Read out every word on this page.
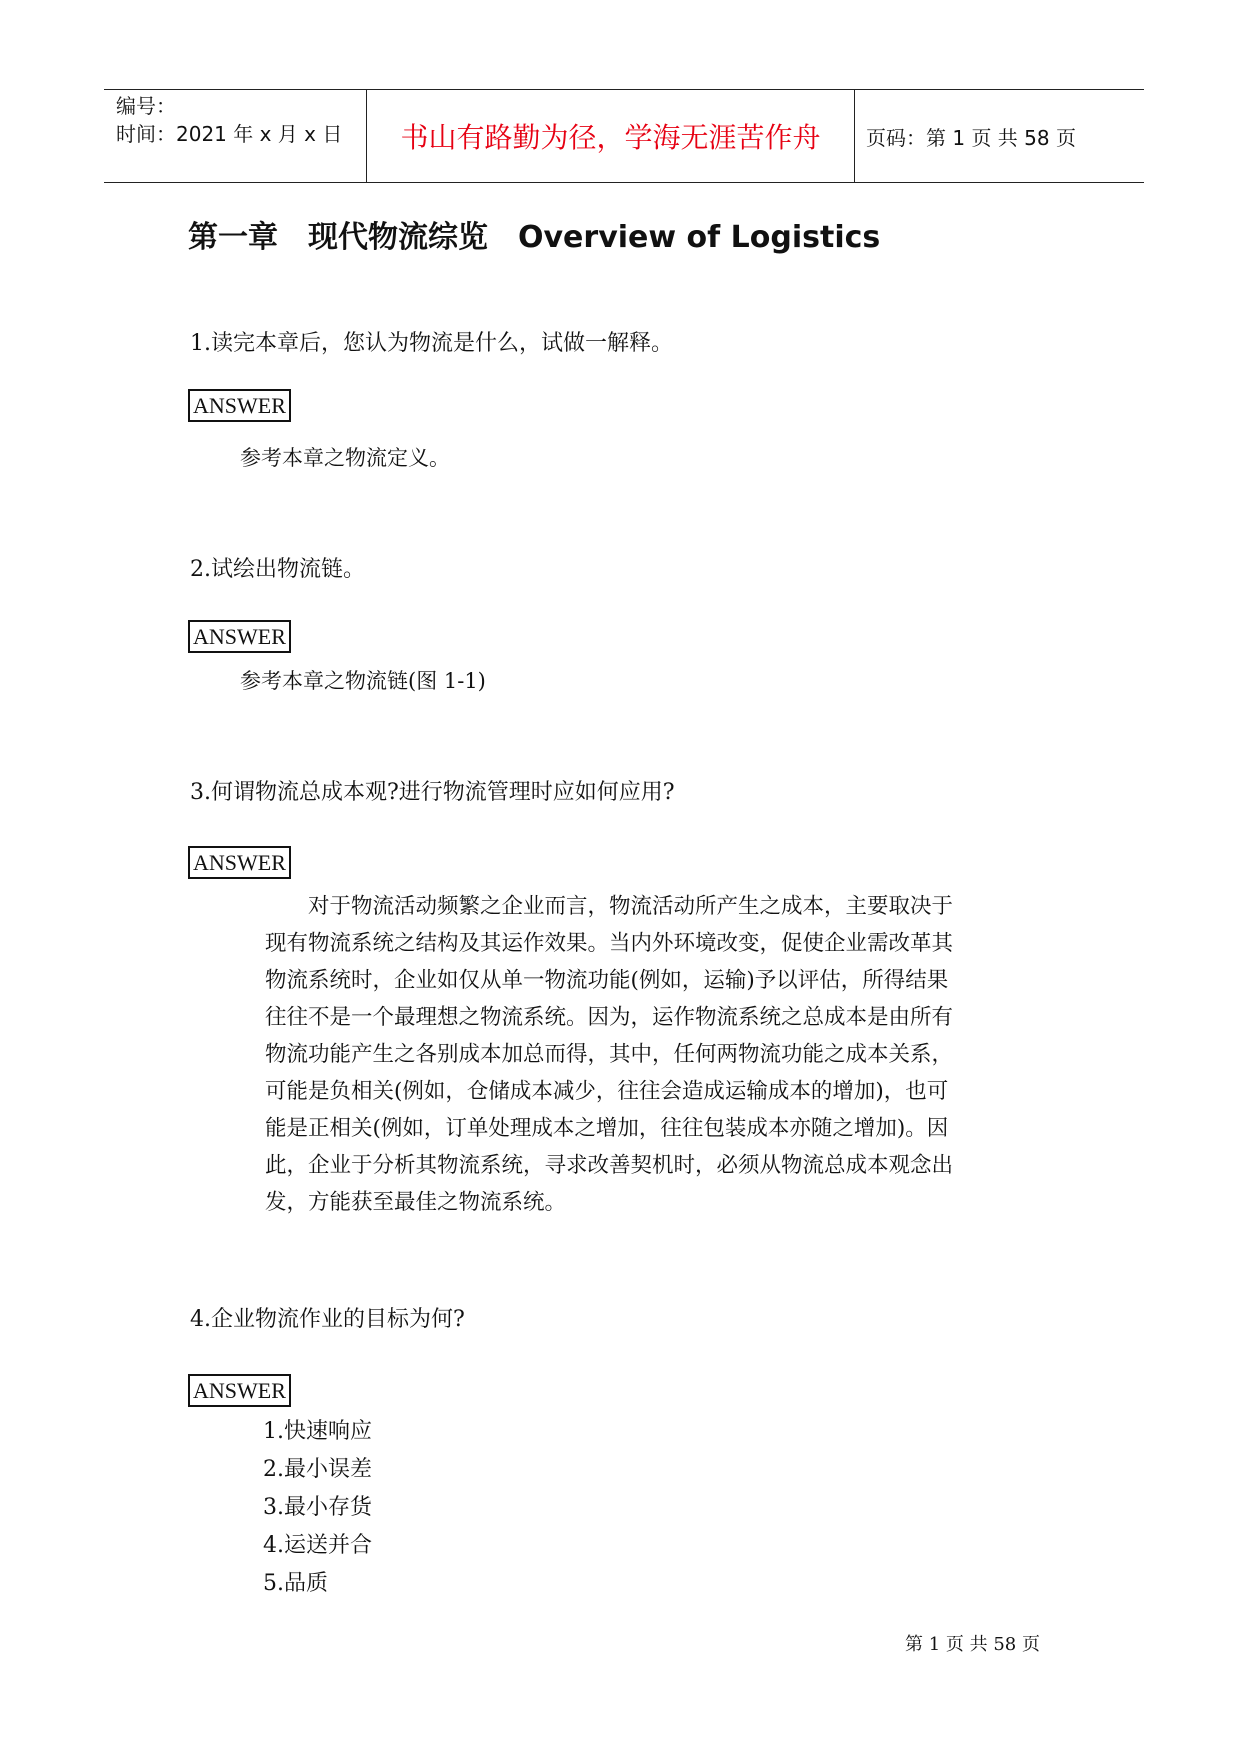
编号：
时间：2021 年 x 月 x 日	书山有路勤为径，学海无涯苦作舟	页码：第 1 页 共 58 页
第一章　现代物流综览　Overview of Logistics
1.读完本章后，您认为物流是什么，试做一解释。
ANSWER
参考本章之物流定义。
2.试绘出物流链。
ANSWER
参考本章之物流链(图 1-1)
3.何谓物流总成本观?进行物流管理时应如何应用?
ANSWER
　　对于物流活动频繁之企业而言，物流活动所产生之成本，主要取决于
现有物流系统之结构及其运作效果。当内外环境改变，促使企业需改革其
物流系统时，企业如仅从单一物流功能(例如，运输)予以评估，所得结果
往往不是一个最理想之物流系统。因为，运作物流系统之总成本是由所有
物流功能产生之各别成本加总而得，其中，任何两物流功能之成本关系，
可能是负相关(例如，仓储成本减少，往往会造成运输成本的增加)，也可
能是正相关(例如，订单处理成本之增加，往往包装成本亦随之增加)。因
此，企业于分析其物流系统，寻求改善契机时，必须从物流总成本观念出
发，方能获至最佳之物流系统。
4.企业物流作业的目标为何?
ANSWER
1.快速响应
2.最小误差
3.最小存货
4.运送并合
5.品质
第 1 页 共 58 页
